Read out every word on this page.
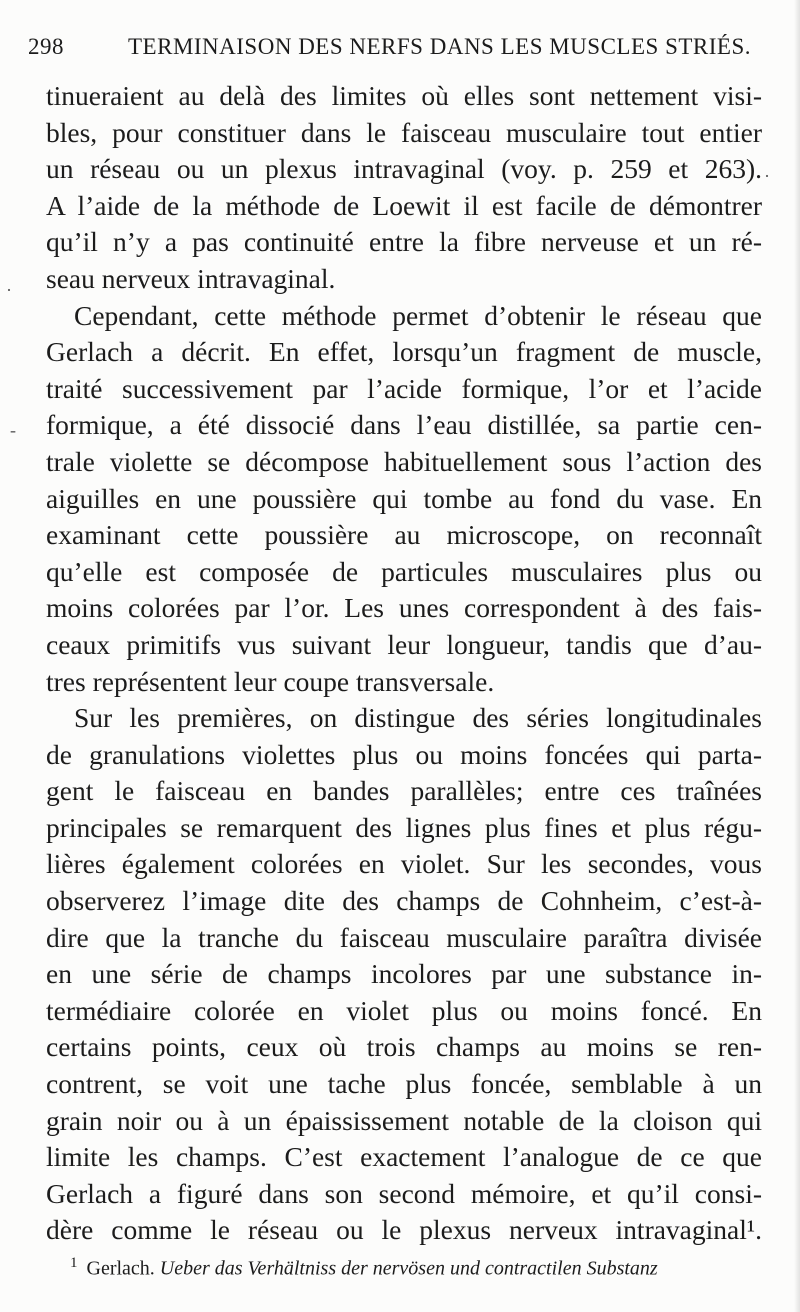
298	TERMINAISON DES NERFS DANS LES MUSCLES STRIÉS.
tinueraient au delà des limites où elles sont nettement visi-
bles, pour constituer dans le faisceau musculaire tout entier
un réseau ou un plexus intravaginal (voy. p. 259 et 263).
A l’aide de la méthode de Loewit il est facile de démontrer
qu’il n’y a pas continuité entre la fibre nerveuse et un ré-
seau nerveux intravaginal.
Cependant, cette méthode permet d’obtenir le réseau que
Gerlach a décrit. En effet, lorsqu’un fragment de muscle,
traité successivement par l’acide formique, l’or et l’acide
formique, a été dissocié dans l’eau distillée, sa partie cen-
trale violette se décompose habituellement sous l’action des
aiguilles en une poussière qui tombe au fond du vase. En
examinant cette poussière au microscope, on reconnaît
qu’elle est composée de particules musculaires plus ou
moins colorées par l’or. Les unes correspondent à des fais-
ceaux primitifs vus suivant leur longueur, tandis que d’au-
tres représentent leur coupe transversale.
Sur les premières, on distingue des séries longitudinales
de granulations violettes plus ou moins foncées qui parta-
gent le faisceau en bandes parallèles; entre ces traînées
principales se remarquent des lignes plus fines et plus régu-
lières également colorées en violet. Sur les secondes, vous
observerez l’image dite des champs de Cohnheim, c’est-à-
dire que la tranche du faisceau musculaire paraîtra divisée
en une série de champs incolores par une substance in-
termédiaire colorée en violet plus ou moins foncé. En
certains points, ceux où trois champs au moins se ren-
contrent, se voit une tache plus foncée, semblable à un
grain noir ou à un épaississement notable de la cloison qui
limite les champs. C’est exactement l’analogue de ce que
Gerlach a figuré dans son second mémoire, et qu’il consi-
dère comme le réseau ou le plexus nerveux intravaginal¹.
$^1$ Gerlach. Ueber das Verhältniss der nervösen und contractilen Substanz
·
·
-
